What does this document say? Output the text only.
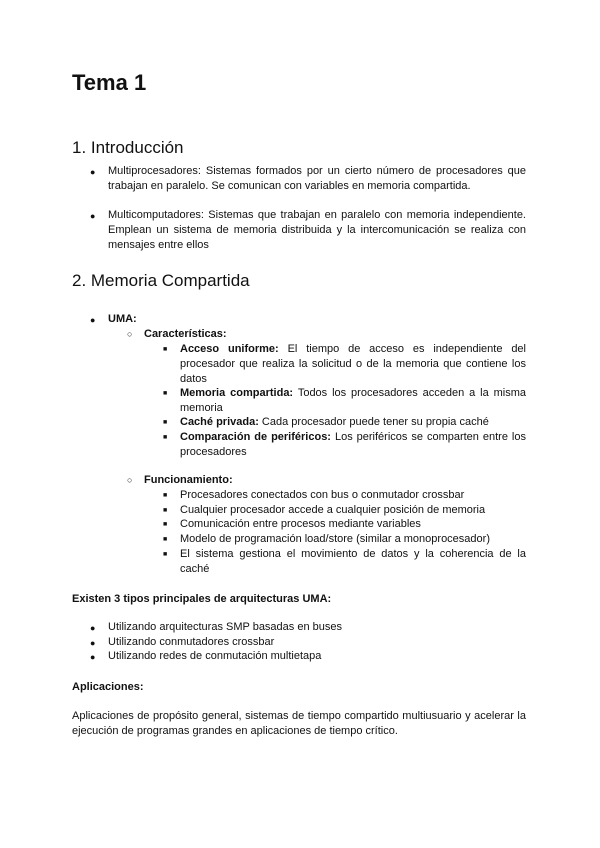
Tema 1
1. Introducción
● Multiprocesadores: Sistemas formados por un cierto número de procesadores que trabajan en paralelo. Se comunican con variables en memoria compartida.
● Multicomputadores: Sistemas que trabajan en paralelo con memoria independiente. Emplean un sistema de memoria distribuida y la intercomunicación se realiza con mensajes entre ellos
2. Memoria Compartida
● UMA:
○ Características:
■ Acceso uniforme: El tiempo de acceso es independiente del procesador que realiza la solicitud o de la memoria que contiene los datos
■ Memoria compartida: Todos los procesadores acceden a la misma memoria
■ Caché privada: Cada procesador puede tener su propia caché
■ Comparación de periféricos: Los periféricos se comparten entre los procesadores
○ Funcionamiento:
■ Procesadores conectados con bus o conmutador crossbar
■ Cualquier procesador accede a cualquier posición de memoria
■ Comunicación entre procesos mediante variables
■ Modelo de programación load/store (similar a monoprocesador)
■ El sistema gestiona el movimiento de datos y la coherencia de la caché
Existen 3 tipos principales de arquitecturas UMA:
● Utilizando arquitecturas SMP basadas en buses
● Utilizando conmutadores crossbar
● Utilizando redes de conmutación multietapa
Aplicaciones:
Aplicaciones de propósito general, sistemas de tiempo compartido multiusuario y acelerar la ejecución de programas grandes en aplicaciones de tiempo crítico.
